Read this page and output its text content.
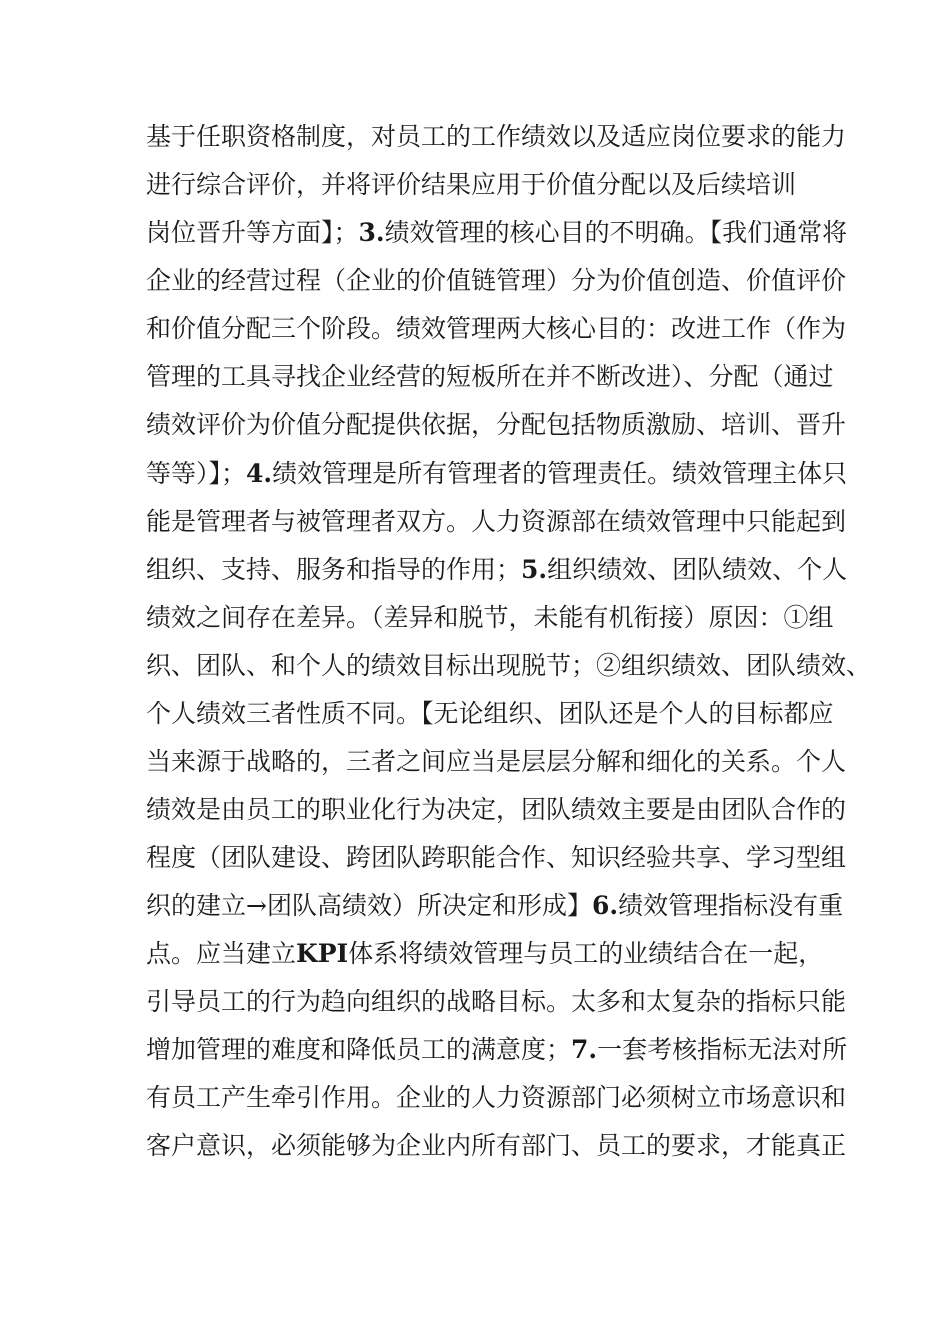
基于任职资格制度，对员工的工作绩效以及适应岗位要求的能力
进行综合评价，并将评价结果应用于价值分配以及后续培训
岗位晋升等方面】；3.绩效管理的核心目的不明确。【我们通常将
企业的经营过程（企业的价值链管理）分为价值创造、价值评价
和价值分配三个阶段。绩效管理两大核心目的：改进工作（作为
管理的工具寻找企业经营的短板所在并不断改进）、分配（通过
绩效评价为价值分配提供依据，分配包括物质激励、培训、晋升
等等）】；4.绩效管理是所有管理者的管理责任。绩效管理主体只
能是管理者与被管理者双方。人力资源部在绩效管理中只能起到
组织、支持、服务和指导的作用；5.组织绩效、团队绩效、个人
绩效之间存在差异。（差异和脱节，未能有机衔接）原因：①组
织、团队、和个人的绩效目标出现脱节；②组织绩效、团队绩效、
个人绩效三者性质不同。【无论组织、团队还是个人的目标都应
当来源于战略的，三者之间应当是层层分解和细化的关系。个人
绩效是由员工的职业化行为决定，团队绩效主要是由团队合作的
程度（团队建设、跨团队跨职能合作、知识经验共享、学习型组
织的建立→团队高绩效）所决定和形成】6.绩效管理指标没有重
点。应当建立KPI体系将绩效管理与员工的业绩结合在一起，
引导员工的行为趋向组织的战略目标。太多和太复杂的指标只能
增加管理的难度和降低员工的满意度；7.一套考核指标无法对所
有员工产生牵引作用。企业的人力资源部门必须树立市场意识和
客户意识，必须能够为企业内所有部门、员工的要求，才能真正
